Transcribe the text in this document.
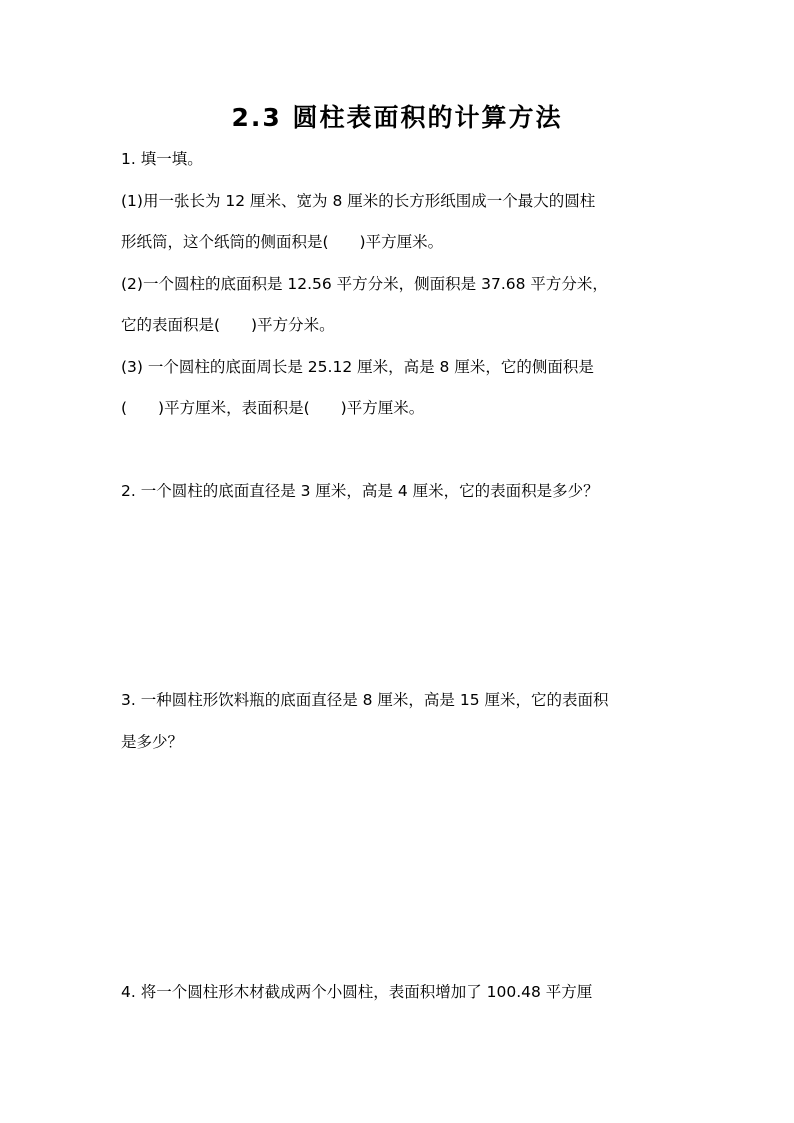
2.3 圆柱表面积的计算方法
1. 填一填。
(1)用一张长为 12 厘米、宽为 8 厘米的长方形纸围成一个最大的圆柱
形纸筒，这个纸筒的侧面积是(　　)平方厘米。
(2)一个圆柱的底面积是 12.56 平方分米，侧面积是 37.68 平方分米，
它的表面积是(　　)平方分米。
(3) 一个圆柱的底面周长是 25.12 厘米，高是 8 厘米，它的侧面积是
(　　)平方厘米，表面积是(　　)平方厘米。
2. 一个圆柱的底面直径是 3 厘米，高是 4 厘米，它的表面积是多少？
3. 一种圆柱形饮料瓶的底面直径是 8 厘米，高是 15 厘米，它的表面积
是多少？
4. 将一个圆柱形木材截成两个小圆柱，表面积增加了 100.48 平方厘
